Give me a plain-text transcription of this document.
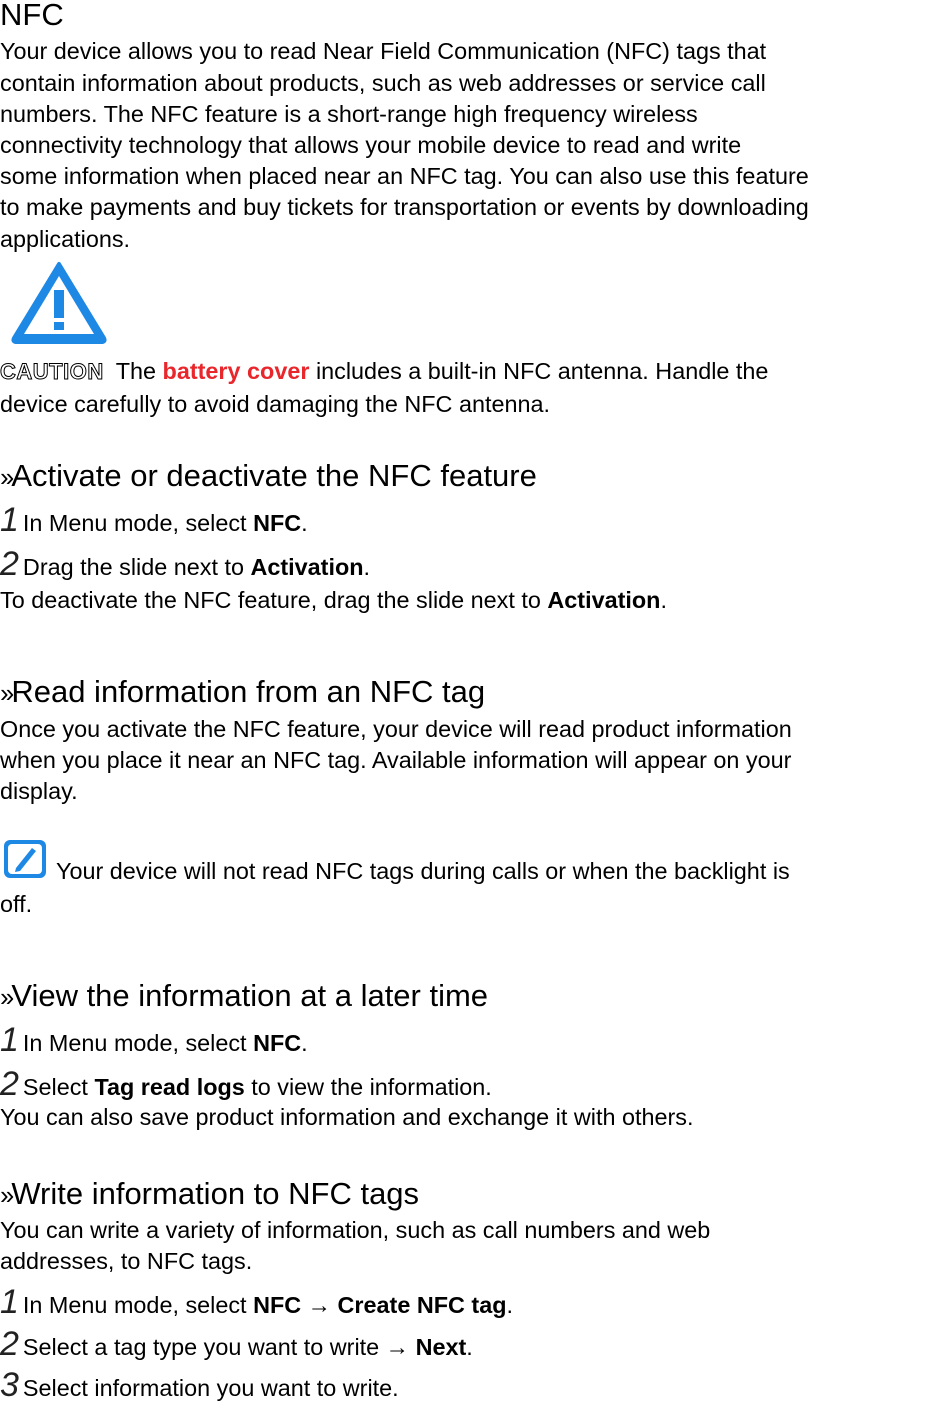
NFC
Your device allows you to read Near Field Communication (NFC) tags that
contain information about products, such as web addresses or service call
numbers. The NFC feature is a short-range high frequency wireless
connectivity technology that allows your mobile device to read and write
some information when placed near an NFC tag. You can also use this feature
to make payments and buy tickets for transportation or events by downloading
applications.
CAUTION The battery cover includes a built-in NFC antenna. Handle the
device carefully to avoid damaging the NFC antenna.
››Activate or deactivate the NFC feature
1 In Menu mode, select NFC.
2 Drag the slide next to Activation.
To deactivate the NFC feature, drag the slide next to Activation.
››Read information from an NFC tag
Once you activate the NFC feature, your device will read product information
when you place it near an NFC tag. Available information will appear on your
display.
Your device will not read NFC tags during calls or when the backlight is
off.
››View the information at a later time
1 In Menu mode, select NFC.
2 Select Tag read logs to view the information.
You can also save product information and exchange it with others.
››Write information to NFC tags
You can write a variety of information, such as call numbers and web
addresses, to NFC tags.
1 In Menu mode, select NFC → Create NFC tag.
2 Select a tag type you want to write → Next.
3 Select information you want to write.
